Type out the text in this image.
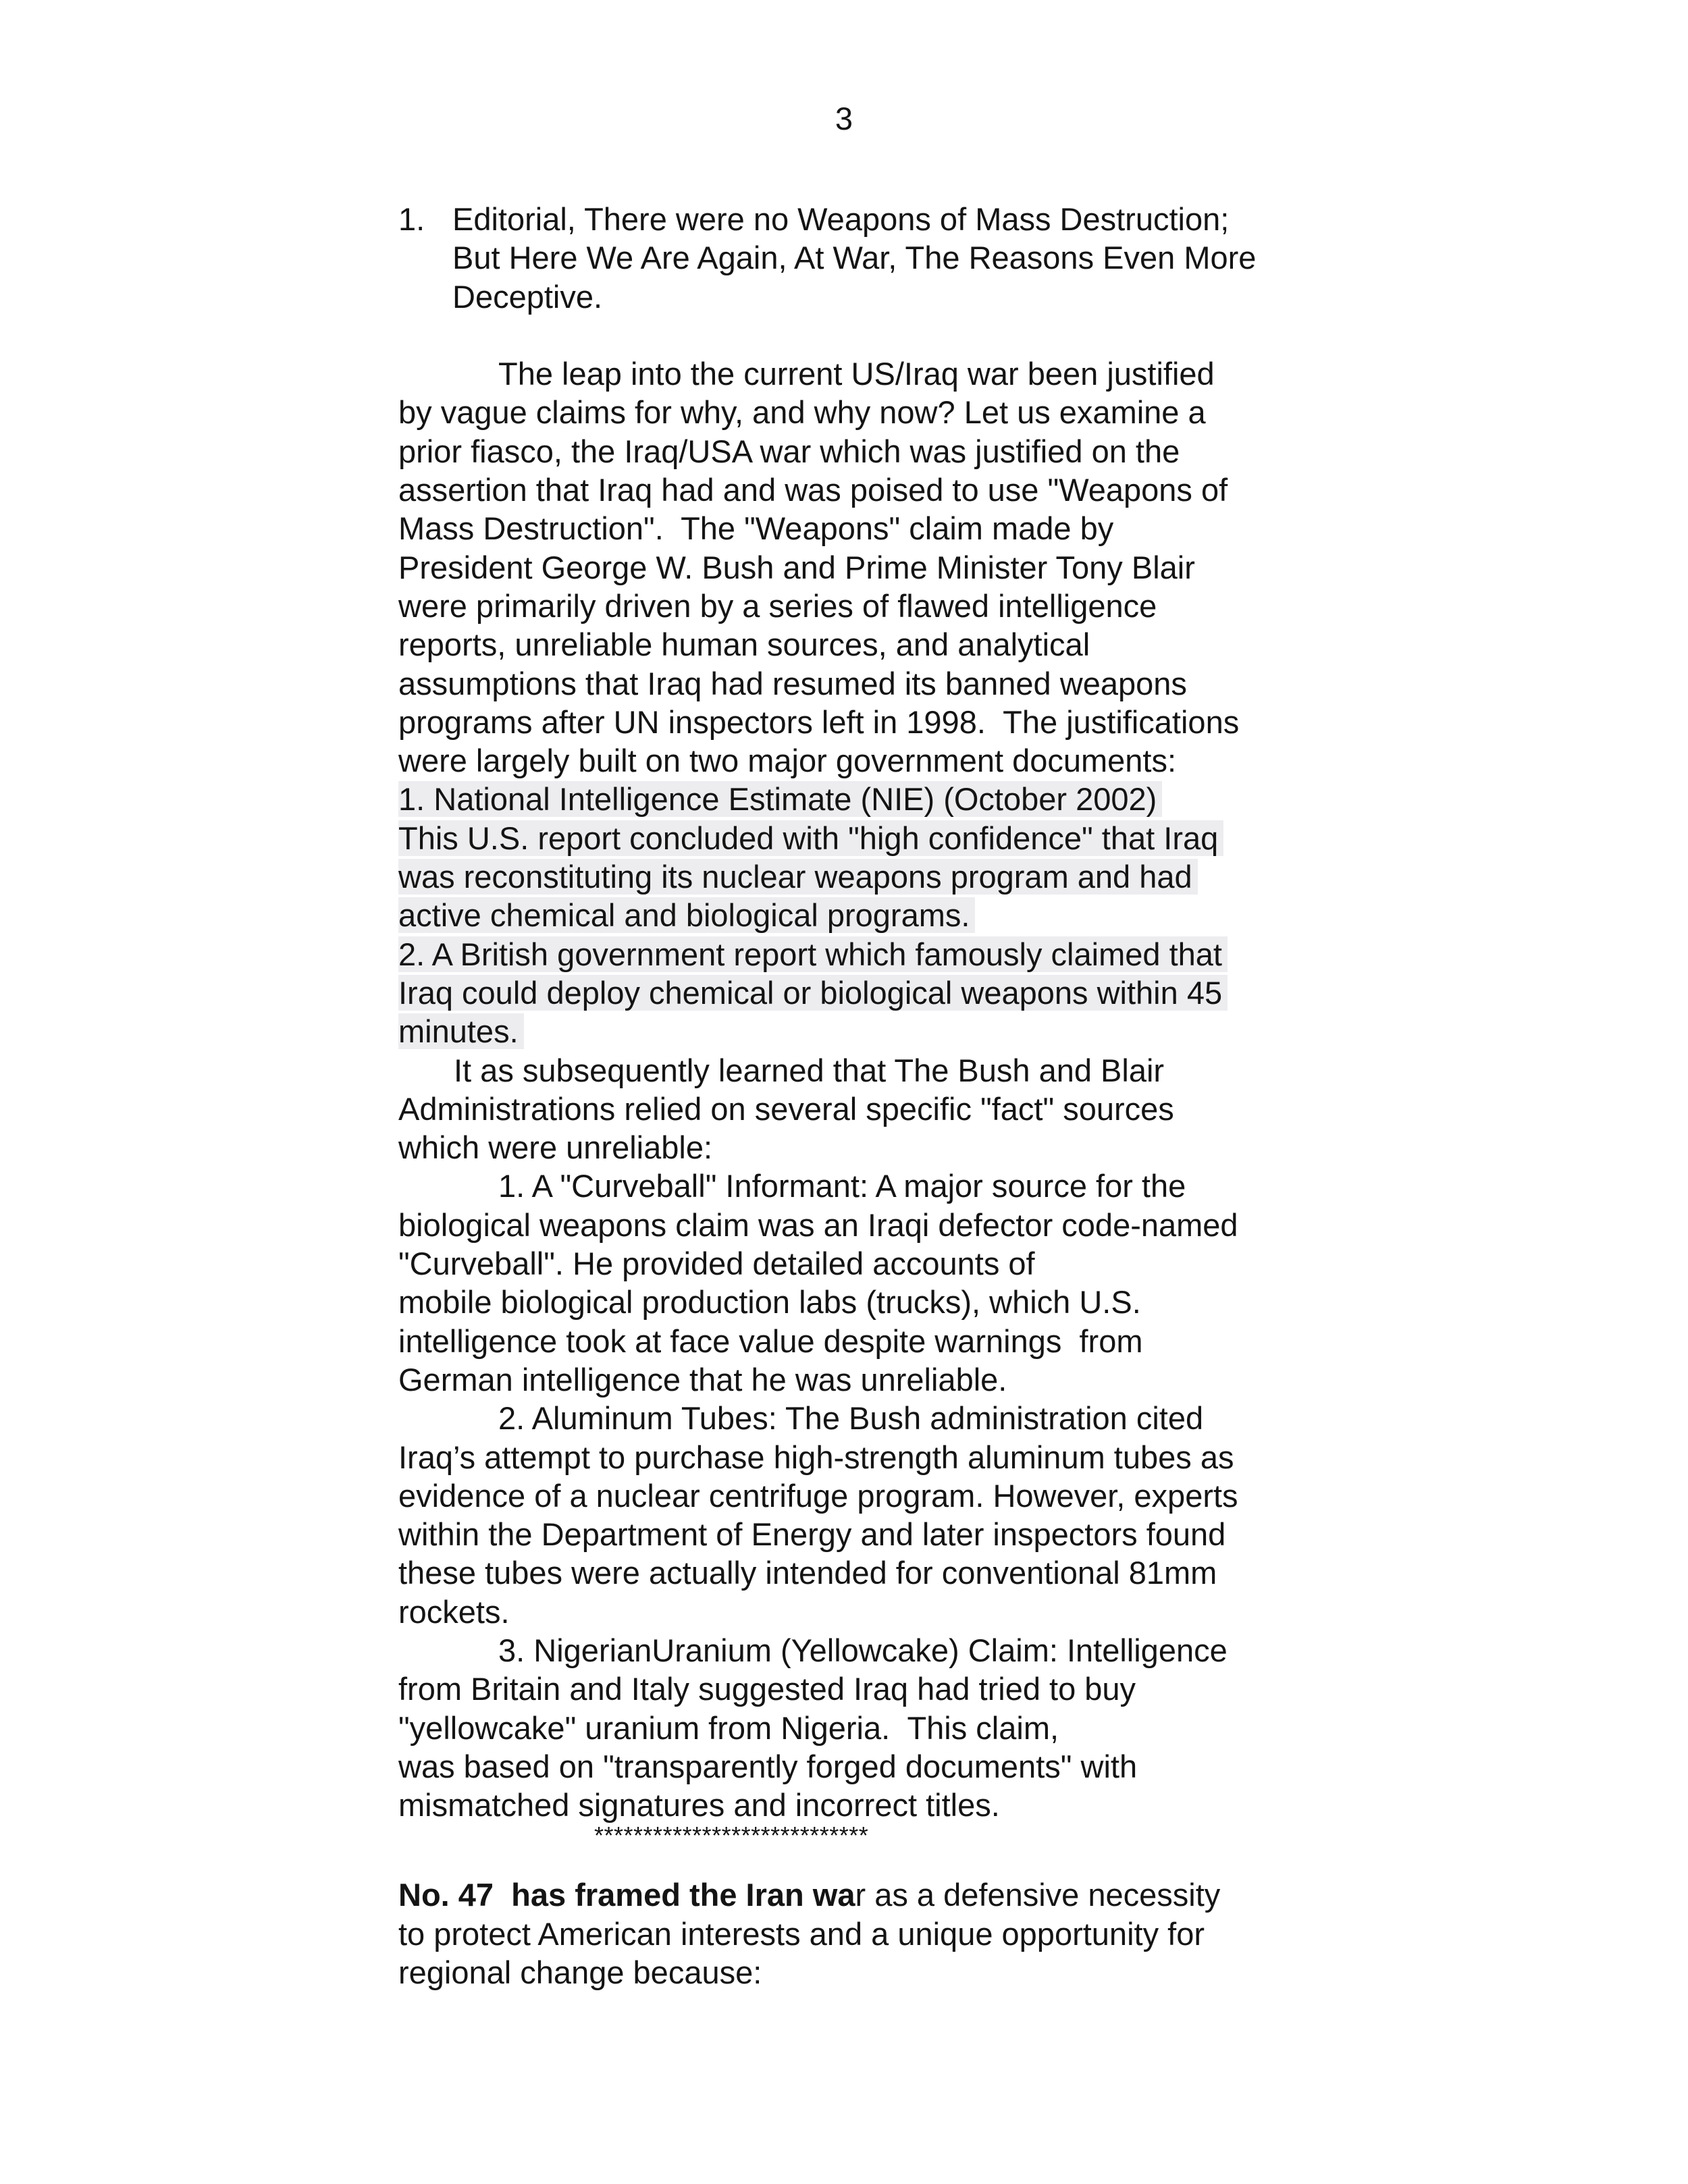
3
1. Editorial, There were no Weapons of Mass Destruction;
But Here We Are Again, At War, The Reasons Even More
Deceptive.
The leap into the current US/Iraq war been justified
by vague claims for why, and why now? Let us examine a
prior fiasco, the Iraq/USA war which was justified on the
assertion that Iraq had and was poised to use "Weapons of
Mass Destruction".  The "Weapons" claim made by
President George W. Bush and Prime Minister Tony Blair
were primarily driven by a series of flawed intelligence
reports, unreliable human sources, and analytical
assumptions that Iraq had resumed its banned weapons
programs after UN inspectors left in 1998.  The justifications
were largely built on two major government documents:
1. National Intelligence Estimate (NIE) (October 2002)
This U.S. report concluded with "high confidence" that Iraq
was reconstituting its nuclear weapons program and had
active chemical and biological programs.
2. A British government report which famously claimed that
Iraq could deploy chemical or biological weapons within 45
minutes.
It as subsequently learned that The Bush and Blair
Administrations relied on several specific "fact" sources
which were unreliable:
1. A "Curveball" Informant: A major source for the
biological weapons claim was an Iraqi defector code-named
"Curveball". He provided detailed accounts of
mobile biological production labs (trucks), which U.S.
intelligence took at face value despite warnings  from
German intelligence that he was unreliable.
2. Aluminum Tubes: The Bush administration cited
Iraq’s attempt to purchase high-strength aluminum tubes as
evidence of a nuclear centrifuge program. However, experts
within the Department of Energy and later inspectors found
these tubes were actually intended for conventional 81mm
rockets.
3. NigerianUranium (Yellowcake) Claim: Intelligence
from Britain and Italy suggested Iraq had tried to buy
"yellowcake" uranium from Nigeria.  This claim,
was based on "transparently forged documents" with
mismatched signatures and incorrect titles.
****************************
No. 47  has framed the Iran war as a defensive necessity
to protect American interests and a unique opportunity for
regional change because:
